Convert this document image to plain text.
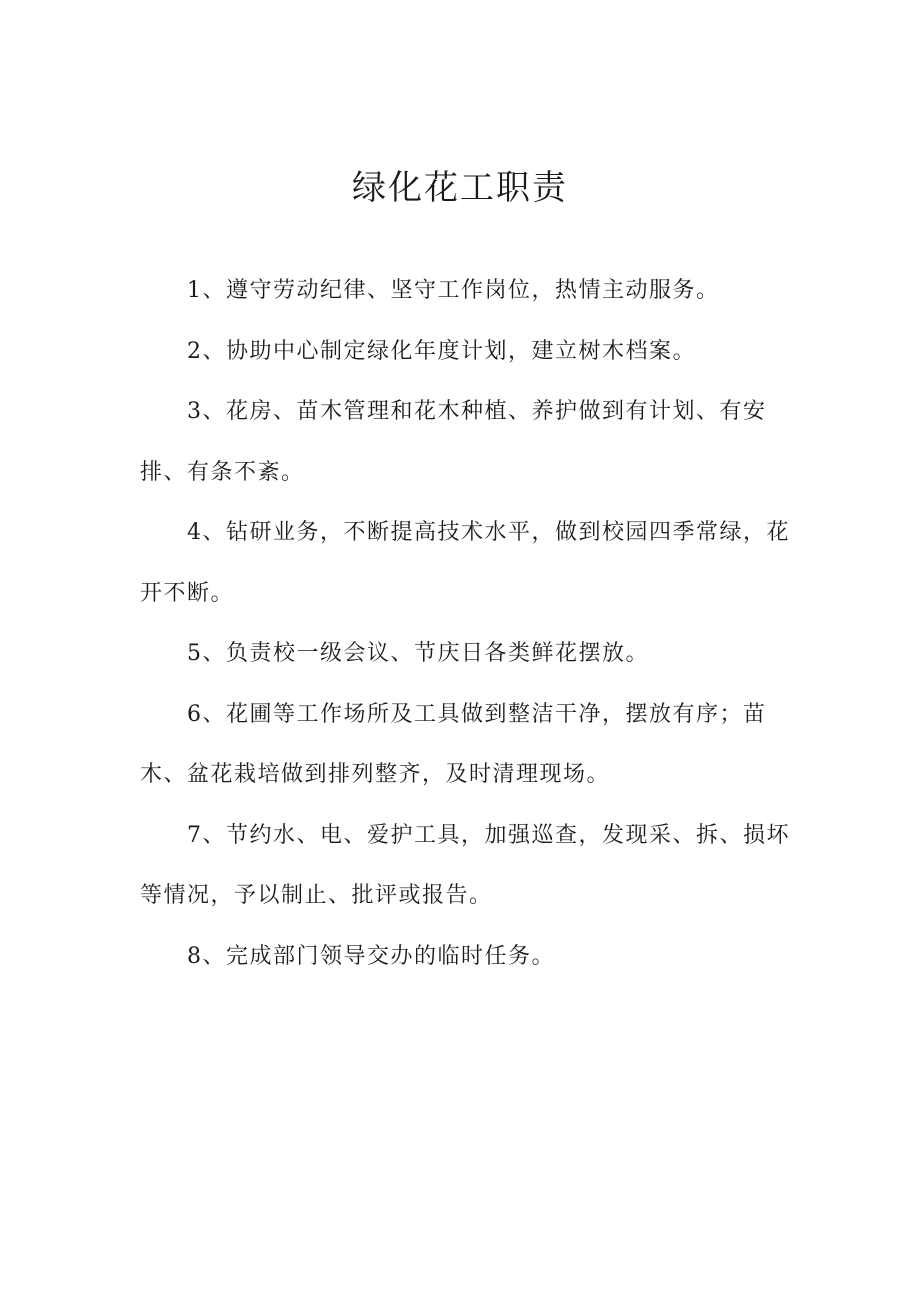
绿化花工职责
1、遵守劳动纪律、坚守工作岗位，热情主动服务。
2、协助中心制定绿化年度计划，建立树木档案。
3、花房、苗木管理和花木种植、养护做到有计划、有安排、有条不紊。
4、钻研业务，不断提高技术水平，做到校园四季常绿，花开不断。
5、负责校一级会议、节庆日各类鲜花摆放。
6、花圃等工作场所及工具做到整洁干净，摆放有序；苗木、盆花栽培做到排列整齐，及时清理现场。
7、节约水、电、爱护工具，加强巡查，发现采、拆、损坏等情况，予以制止、批评或报告。
8、完成部门领导交办的临时任务。
